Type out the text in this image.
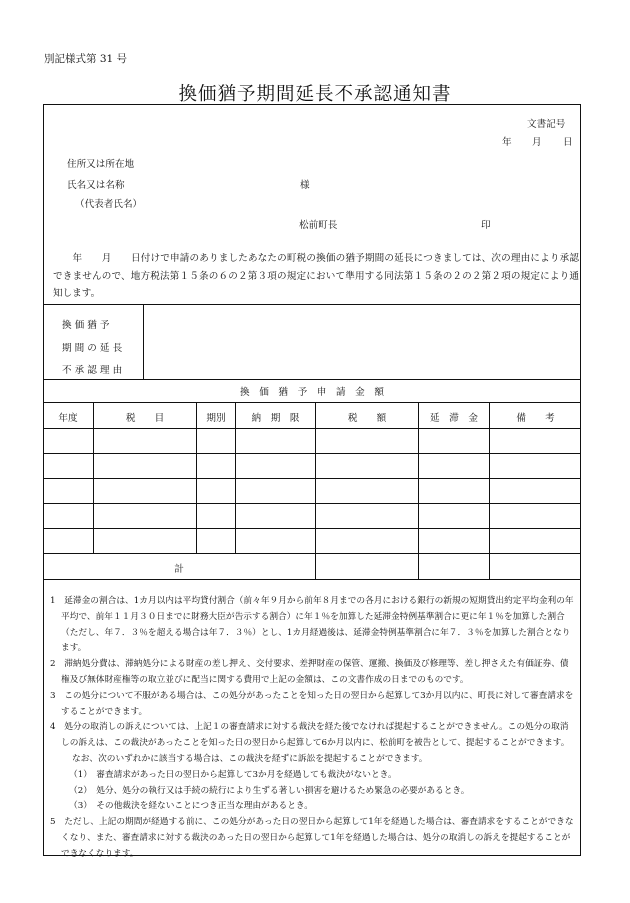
別記様式第 31 号
換価猶予期間延長不承認通知書
文書記号
年 月 日
住所又は所在地
氏名又は名称	様
（代表者氏名）
松前町長	印
　　年　　月　　日付けで申請のありましたあなたの町税の換価の猶予期間の延長につきましては、次の理由により承認できませんので、地方税法第１５条の６の２第３項の規定において準用する同法第１５条の２の２第２項の規定により通知します。
換 価 猶 予
期 間 の 延 長
不 承 認 理 由
換　価　猶　予　申　請　金　額
年度	税　　目	期別	納　期　限	税　　額	延　滞　金	備　　考
計

1　延滞金の割合は、1カ月以内は平均貸付割合（前々年９月から前年８月までの各月における銀行の新規の短期貸出約定平均金利の年平均で、前年１１月３０日までに財務大臣が告示する割合）に年１％を加算した延滞金特例基準割合に更に年１％を加算した割合（ただし、年７．３％を超える場合は年７．３％）とし、1カ月経過後は、延滞金特例基準割合に年７．３％を加算した割合となります。

2　滞納処分費は、滞納処分による財産の差し押え、交付要求、差押財産の保管、運搬、換価及び修理等、差し押さえた有価証券、債権及び無体財産権等の取立並びに配当に関する費用で上記の金額は、この文書作成の日までのものです。

3　この処分について不服がある場合は、この処分があったことを知った日の翌日から起算して3か月以内に、町長に対して審査請求をすることができます。

4　処分の取消しの訴えについては、上記１の審査請求に対する裁決を経た後でなければ提起することができません。この処分の取消しの訴えは、この裁決があったことを知った日の翌日から起算して6か月以内に、松前町を被告として、提起することができます。

なお、次のいずれかに該当する場合は、この裁決を経ずに訴訟を提起することができます。

（1）　審査請求があった日の翌日から起算して3か月を経過しても裁決がないとき。

（2）　処分、処分の執行又は手続の続行により生ずる著しい損害を避けるため緊急の必要があるとき。

（3）　その他裁決を経ないことにつき正当な理由があるとき。

5　ただし、上記の期間が経過する前に、この処分があった日の翌日から起算して1年を経過した場合は、審査請求をすることができなくなり、また、審査請求に対する裁決のあった日の翌日から起算して1年を経過した場合は、処分の取消しの訴えを提起することができなくなります。
